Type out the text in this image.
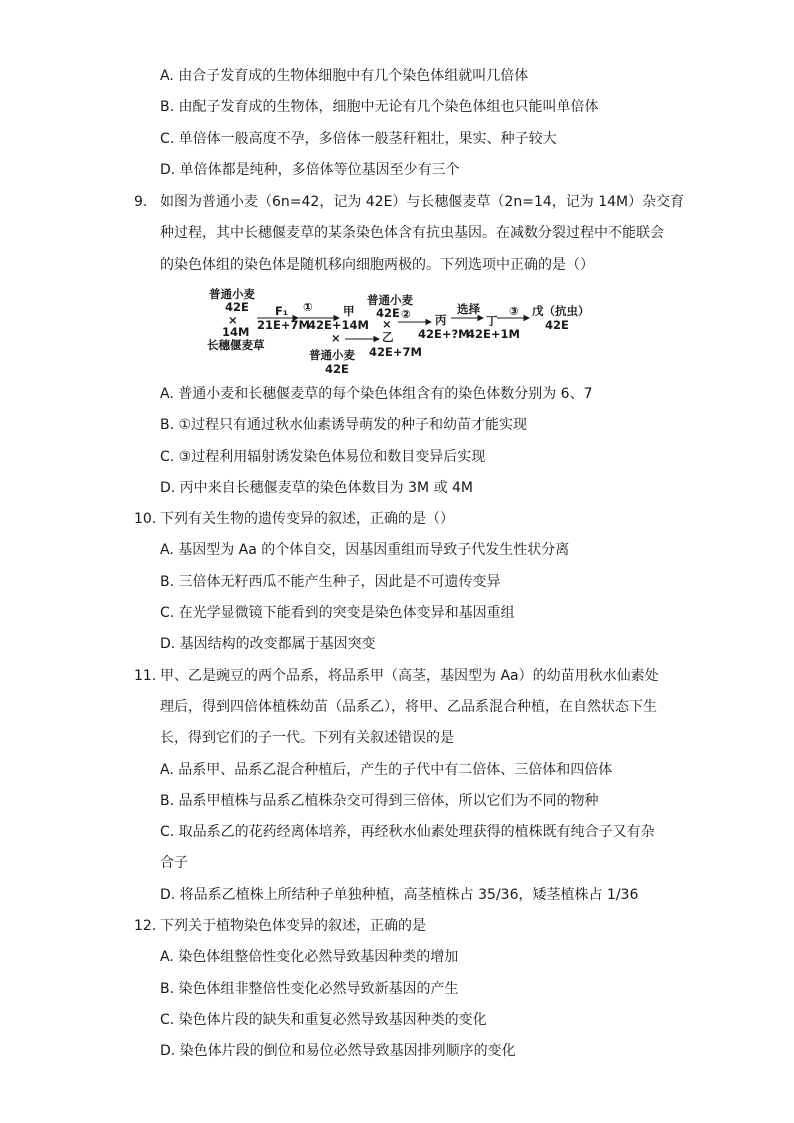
A. 由合子发育成的生物体细胞中有几个染色体组就叫几倍体
B. 由配子发育成的生物体，细胞中无论有几个染色体组也只能叫单倍体
C. 单倍体一般高度不孕，多倍体一般茎秆粗壮，果实、种子较大
D. 单倍体都是纯种，多倍体等位基因至少有三个
9. 如图为普通小麦（6n=42，记为 42E）与长穗偃麦草（2n=14，记为 14M）杂交育
种过程，其中长穗偃麦草的某条染色体含有抗虫基因。在减数分裂过程中不能联会
的染色体组的染色体是随机移向细胞两极的。下列选项中正确的是（）
普通小麦
42E
×
14M
长穗偃麦草
F₁
21E+7M
①	甲
42E+14M
×
普通小麦
42E
普通小麦
42E
×
乙
42E+7M
② 丙
42E+?M
选择
丁
42E+1M
③ 戊（抗虫）
42E
A. 普通小麦和长穗偃麦草的每个染色体组含有的染色体数分别为 6、7
B. ①过程只有通过秋水仙素诱导萌发的种子和幼苗才能实现
C. ③过程利用辐射诱发染色体易位和数目变异后实现
D. 丙中来自长穗偃麦草的染色体数目为 3M 或 4M
10. 下列有关生物的遗传变异的叙述，正确的是（）
A. 基因型为 Aa 的个体自交，因基因重组而导致子代发生性状分离
B. 三倍体无籽西瓜不能产生种子，因此是不可遗传变异
C. 在光学显微镜下能看到的突变是染色体变异和基因重组
D. 基因结构的改变都属于基因突变
11. 甲、乙是豌豆的两个品系，将品系甲（高茎，基因型为 Aa）的幼苗用秋水仙素处
理后，得到四倍体植株幼苗（品系乙），将甲、乙品系混合种植，在自然状态下生
长，得到它们的子一代。下列有关叙述错误的是
A. 品系甲、品系乙混合种植后，产生的子代中有二倍体、三倍体和四倍体
B. 品系甲植株与品系乙植株杂交可得到三倍体，所以它们为不同的物种
C. 取品系乙的花药经离体培养，再经秋水仙素处理获得的植株既有纯合子又有杂
合子
D. 将品系乙植株上所结种子单独种植，高茎植株占 35/36，矮茎植株占 1/36
12. 下列关于植物染色体变异的叙述，正确的是
A. 染色体组整倍性变化必然导致基因种类的增加
B. 染色体组非整倍性变化必然导致新基因的产生
C. 染色体片段的缺失和重复必然导致基因种类的变化
D. 染色体片段的倒位和易位必然导致基因排列顺序的变化
